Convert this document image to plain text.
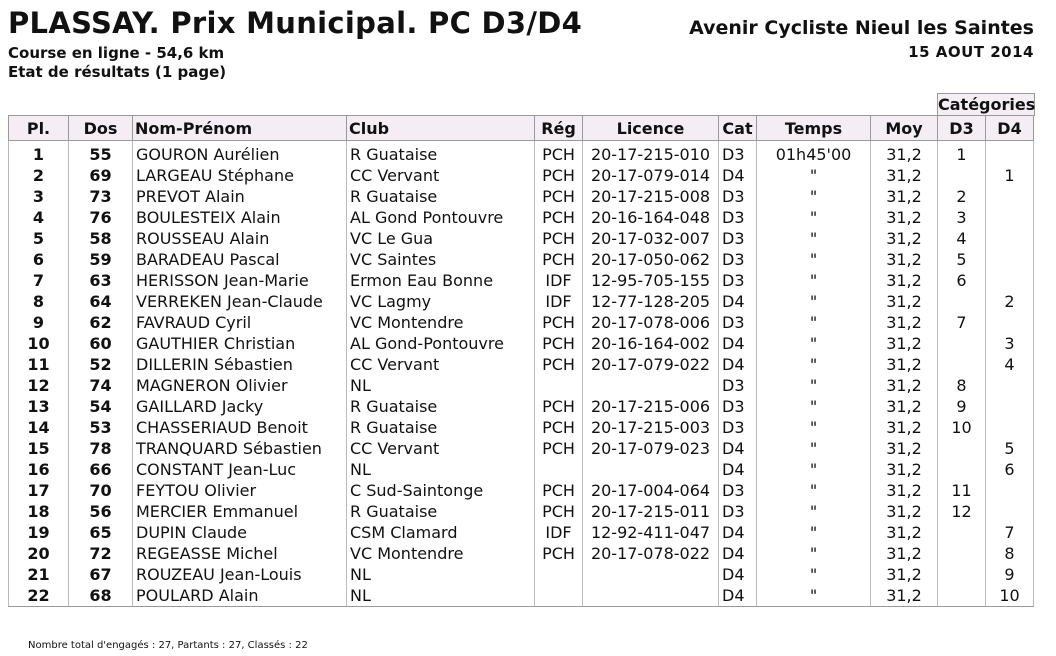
PLASSAY. Prix Municipal. PC D3/D4
Course en ligne - 54,6 km
Etat de résultats (1 page)
Avenir Cycliste Nieul les Saintes
15 AOUT 2014
Catégories
Pl.	Dos	Nom-Prénom	Club	Rég	Licence	Cat	Temps	Moy	D3	D4
1	55	GOURON Aurélien	R Guataise	PCH	20-17-215-010	D3	01h45'00	31,2	1	
2	69	LARGEAU Stéphane	CC Vervant	PCH	20-17-079-014	D4	"	31,2		1
3	73	PREVOT Alain	R Guataise	PCH	20-17-215-008	D3	"	31,2	2	
4	76	BOULESTEIX Alain	AL Gond Pontouvre	PCH	20-16-164-048	D3	"	31,2	3	
5	58	ROUSSEAU Alain	VC Le Gua	PCH	20-17-032-007	D3	"	31,2	4	
6	59	BARADEAU Pascal	VC Saintes	PCH	20-17-050-062	D3	"	31,2	5	
7	63	HERISSON Jean-Marie	Ermon Eau Bonne	IDF	12-95-705-155	D3	"	31,2	6	
8	64	VERREKEN Jean-Claude	VC Lagmy	IDF	12-77-128-205	D4	"	31,2		2
9	62	FAVRAUD Cyril	VC Montendre	PCH	20-17-078-006	D3	"	31,2	7	
10	60	GAUTHIER Christian	AL Gond-Pontouvre	PCH	20-16-164-002	D4	"	31,2		3
11	52	DILLERIN Sébastien	CC Vervant	PCH	20-17-079-022	D4	"	31,2		4
12	74	MAGNERON Olivier	NL			D3	"	31,2	8	
13	54	GAILLARD Jacky	R Guataise	PCH	20-17-215-006	D3	"	31,2	9	
14	53	CHASSERIAUD Benoit	R Guataise	PCH	20-17-215-003	D3	"	31,2	10	
15	78	TRANQUARD Sébastien	CC Vervant	PCH	20-17-079-023	D4	"	31,2		5
16	66	CONSTANT Jean-Luc	NL			D4	"	31,2		6
17	70	FEYTOU Olivier	C Sud-Saintonge	PCH	20-17-004-064	D3	"	31,2	11	
18	56	MERCIER Emmanuel	R Guataise	PCH	20-17-215-011	D3	"	31,2	12	
19	65	DUPIN Claude	CSM Clamard	IDF	12-92-411-047	D4	"	31,2		7
20	72	REGEASSE Michel	VC Montendre	PCH	20-17-078-022	D4	"	31,2		8
21	67	ROUZEAU Jean-Louis	NL			D4	"	31,2		9
22	68	POULARD Alain	NL			D4	"	31,2		10
Nombre total d'engagés : 27, Partants : 27, Classés : 22
